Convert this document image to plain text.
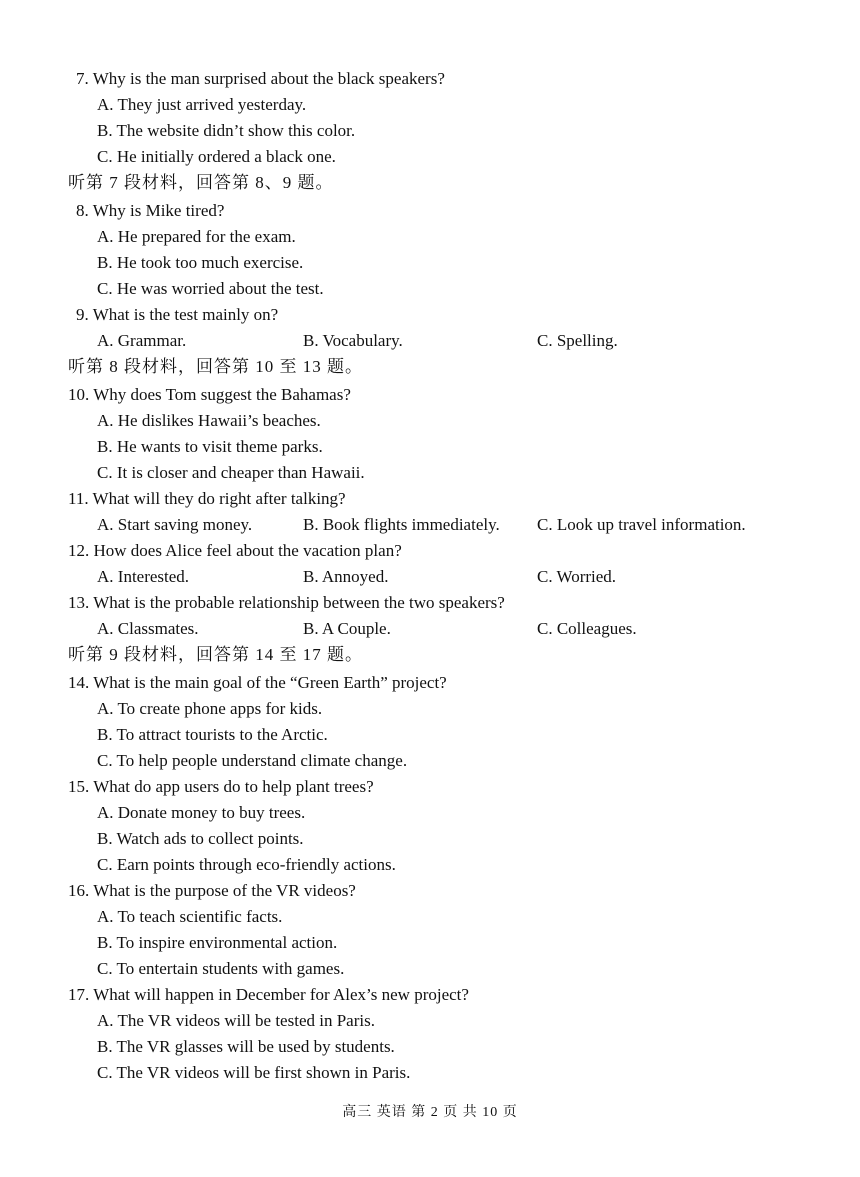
7. Why is the man surprised about the black speakers?
A. They just arrived yesterday.
B. The website didn’t show this color.
C. He initially ordered a black one.
听第 7 段材料，回答第 8、9 题。
8. Why is Mike tired?
A. He prepared for the exam.
B. He took too much exercise.
C. He was worried about the test.
9. What is the test mainly on?
A. Grammar.	B. Vocabulary.	C. Spelling.
听第 8 段材料，回答第 10 至 13 题。
10. Why does Tom suggest the Bahamas?
A. He dislikes Hawaii’s beaches.
B. He wants to visit theme parks.
C. It is closer and cheaper than Hawaii.
11. What will they do right after talking?
A. Start saving money.	B. Book flights immediately. C. Look up travel information.
12. How does Alice feel about the vacation plan?
A. Interested.	B. Annoyed.	C. Worried.
13. What is the probable relationship between the two speakers?
A. Classmates.	B. A Couple.	C. Colleagues.
听第 9 段材料，回答第 14 至 17 题。
14. What is the main goal of the “Green Earth” project?
A. To create phone apps for kids.
B. To attract tourists to the Arctic.
C. To help people understand climate change.
15. What do app users do to help plant trees?
A. Donate money to buy trees.
B. Watch ads to collect points.
C. Earn points through eco-friendly actions.
16. What is the purpose of the VR videos?
A. To teach scientific facts.
B. To inspire environmental action.
C. To entertain students with games.
17. What will happen in December for Alex’s new project?
A. The VR videos will be tested in Paris.
B. The VR glasses will be used by students.
C. The VR videos will be first shown in Paris.
高三 英语 第 2 页 共 10 页
